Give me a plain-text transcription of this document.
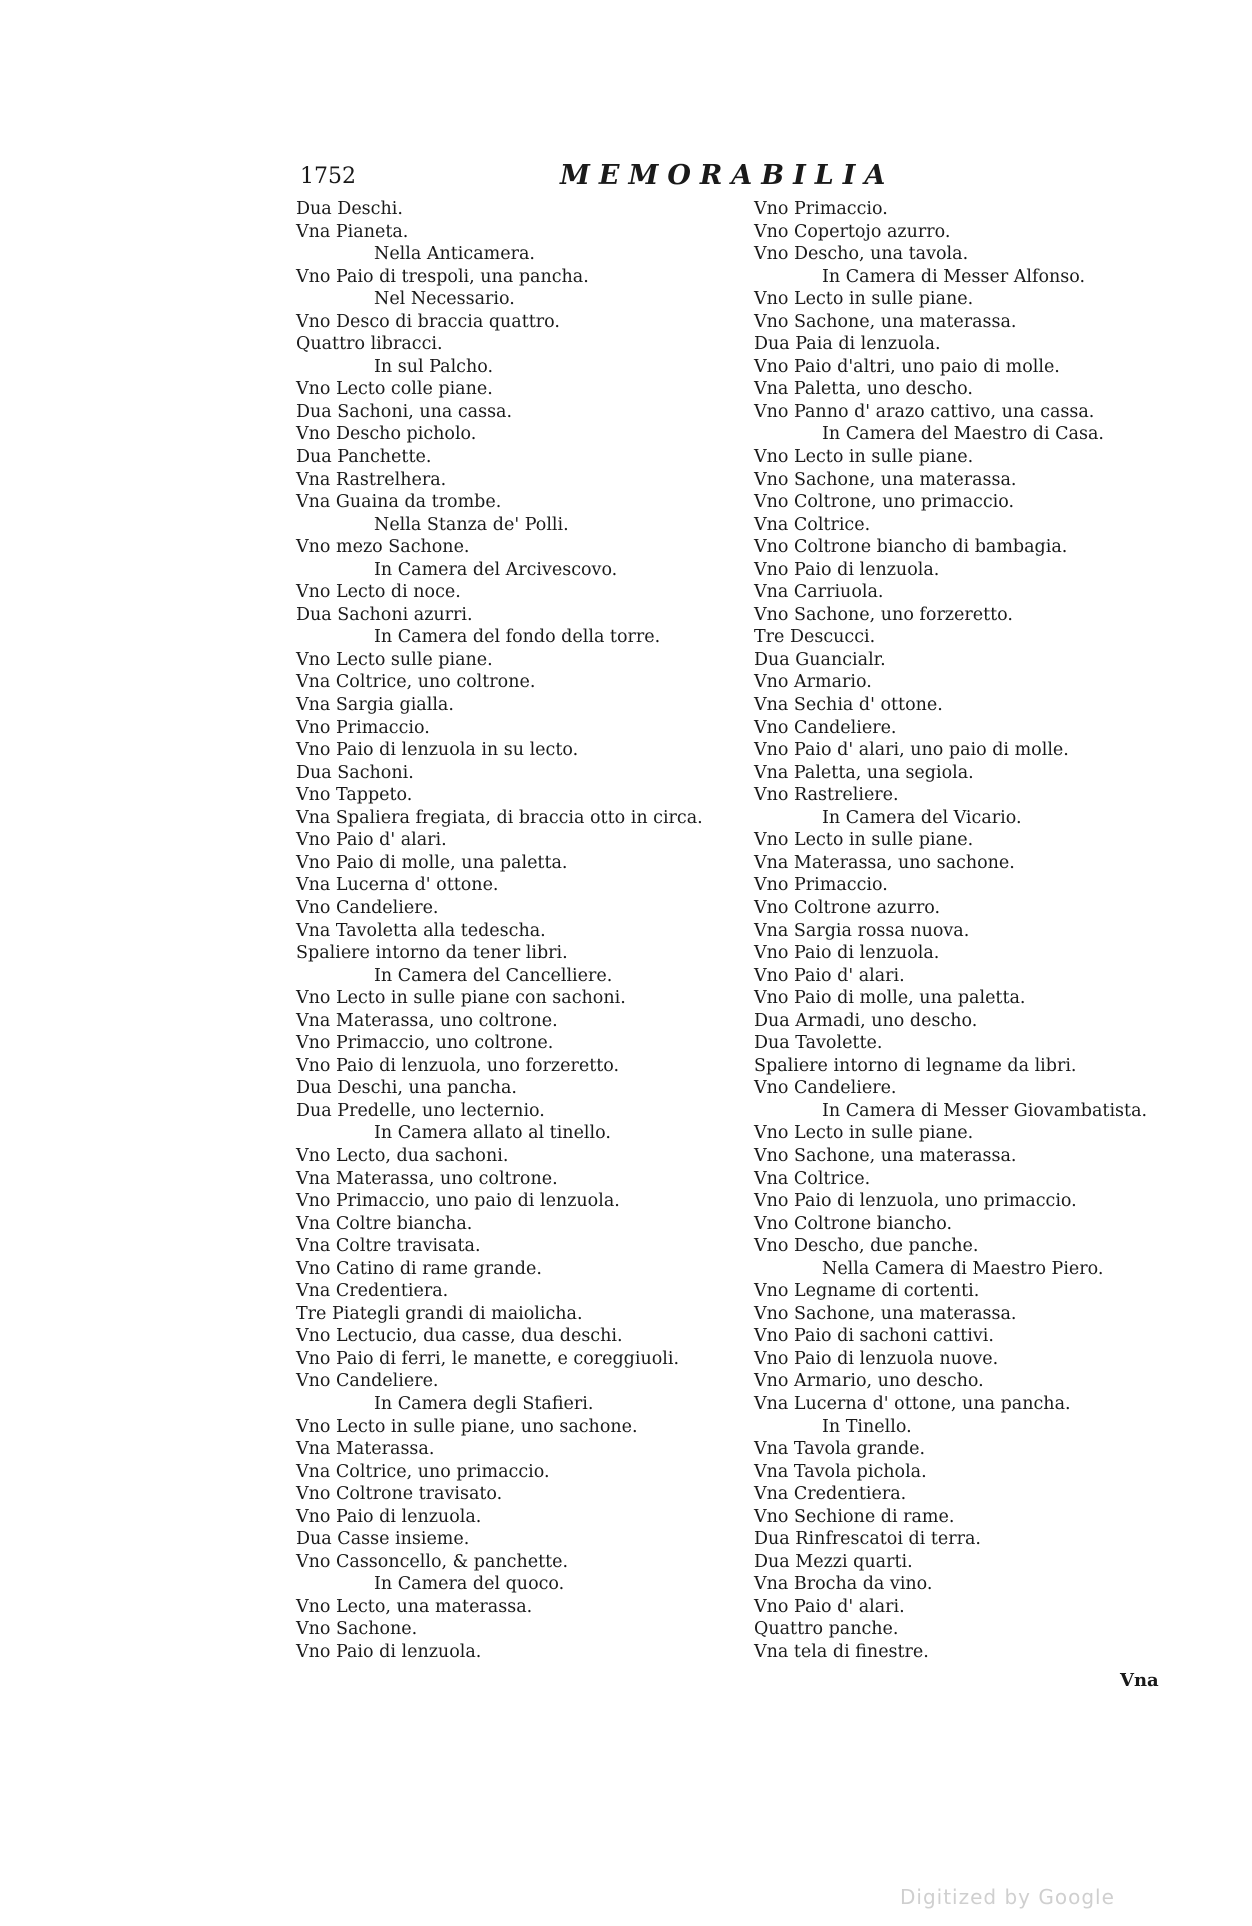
1752	MEMORABILIA
Dua Deschi.
Vna Pianeta.
Nella Anticamera.
Vno Paio di trespoli, una pancha.
Nel Necessario.
Vno Desco di braccia quattro.
Quattro libracci.
In sul Palcho.
Vno Lecto colle piane.
Dua Sachoni, una cassa.
Vno Descho picholo.
Dua Panchette.
Vna Rastrelhera.
Vna Guaina da trombe.
Nella Stanza de' Polli.
Vno mezo Sachone.
In Camera del Arcivescovo.
Vno Lecto di noce.
Dua Sachoni azurri.
In Camera del fondo della torre.
Vno Lecto sulle piane.
Vna Coltrice, uno coltrone.
Vna Sargia gialla.
Vno Primaccio.
Vno Paio di lenzuola in su lecto.
Dua Sachoni.
Vno Tappeto.
Vna Spaliera fregiata, di braccia otto in circa.
Vno Paio d' alari.
Vno Paio di molle, una paletta.
Vna Lucerna d' ottone.
Vno Candeliere.
Vna Tavoletta alla tedescha.
Spaliere intorno da tener libri.
In Camera del Cancelliere.
Vno Lecto in sulle piane con sachoni.
Vna Materassa, uno coltrone.
Vno Primaccio, uno coltrone.
Vno Paio di lenzuola, uno forzeretto.
Dua Deschi, una pancha.
Dua Predelle, uno lecternio.
In Camera allato al tinello.
Vno Lecto, dua sachoni.
Vna Materassa, uno coltrone.
Vno Primaccio, uno paio di lenzuola.
Vna Coltre biancha.
Vna Coltre travisata.
Vno Catino di rame grande.
Vna Credentiera.
Tre Piategli grandi di maiolicha.
Vno Lectucio, dua casse, dua deschi.
Vno Paio di ferri, le manette, e coreggiuoli.
Vno Candeliere.
In Camera degli Stafieri.
Vno Lecto in sulle piane, uno sachone.
Vna Materassa.
Vna Coltrice, uno primaccio.
Vno Coltrone travisato.
Vno Paio di lenzuola.
Dua Casse insieme.
Vno Cassoncello, & panchette.
In Camera del quoco.
Vno Lecto, una materassa.
Vno Sachone.
Vno Paio di lenzuola.
Vno Primaccio.
Vno Copertojo azurro.
Vno Descho, una tavola.
In Camera di Messer Alfonso.
Vno Lecto in sulle piane.
Vno Sachone, una materassa.
Dua Paia di lenzuola.
Vno Paio d'altri, uno paio di molle.
Vna Paletta, uno descho.
Vno Panno d' arazo cattivo, una cassa.
In Camera del Maestro di Casa.
Vno Lecto in sulle piane.
Vno Sachone, una materassa.
Vno Coltrone, uno primaccio.
Vna Coltrice.
Vno Coltrone biancho di bambagia.
Vno Paio di lenzuola.
Vna Carriuola.
Vno Sachone, uno forzeretto.
Tre Descucci.
Dua Guancialr.
Vno Armario.
Vna Sechia d' ottone.
Vno Candeliere.
Vno Paio d' alari, uno paio di molle.
Vna Paletta, una segiola.
Vno Rastreliere.
In Camera del Vicario.
Vno Lecto in sulle piane.
Vna Materassa, uno sachone.
Vno Primaccio.
Vno Coltrone azurro.
Vna Sargia rossa nuova.
Vno Paio di lenzuola.
Vno Paio d' alari.
Vno Paio di molle, una paletta.
Dua Armadi, uno descho.
Dua Tavolette.
Spaliere intorno di legname da libri.
Vno Candeliere.
In Camera di Messer Giovambatista.
Vno Lecto in sulle piane.
Vno Sachone, una materassa.
Vna Coltrice.
Vno Paio di lenzuola, uno primaccio.
Vno Coltrone biancho.
Vno Descho, due panche.
Nella Camera di Maestro Piero.
Vno Legname di cortenti.
Vno Sachone, una materassa.
Vno Paio di sachoni cattivi.
Vno Paio di lenzuola nuove.
Vno Armario, uno descho.
Vna Lucerna d' ottone, una pancha.
In Tinello.
Vna Tavola grande.
Vna Tavola pichola.
Vna Credentiera.
Vno Sechione di rame.
Dua Rinfrescatoi di terra.
Dua Mezzi quarti.
Vna Brocha da vino.
Vno Paio d' alari.
Quattro panche.
Vna tela di finestre.
Vna
Digitized by Google
